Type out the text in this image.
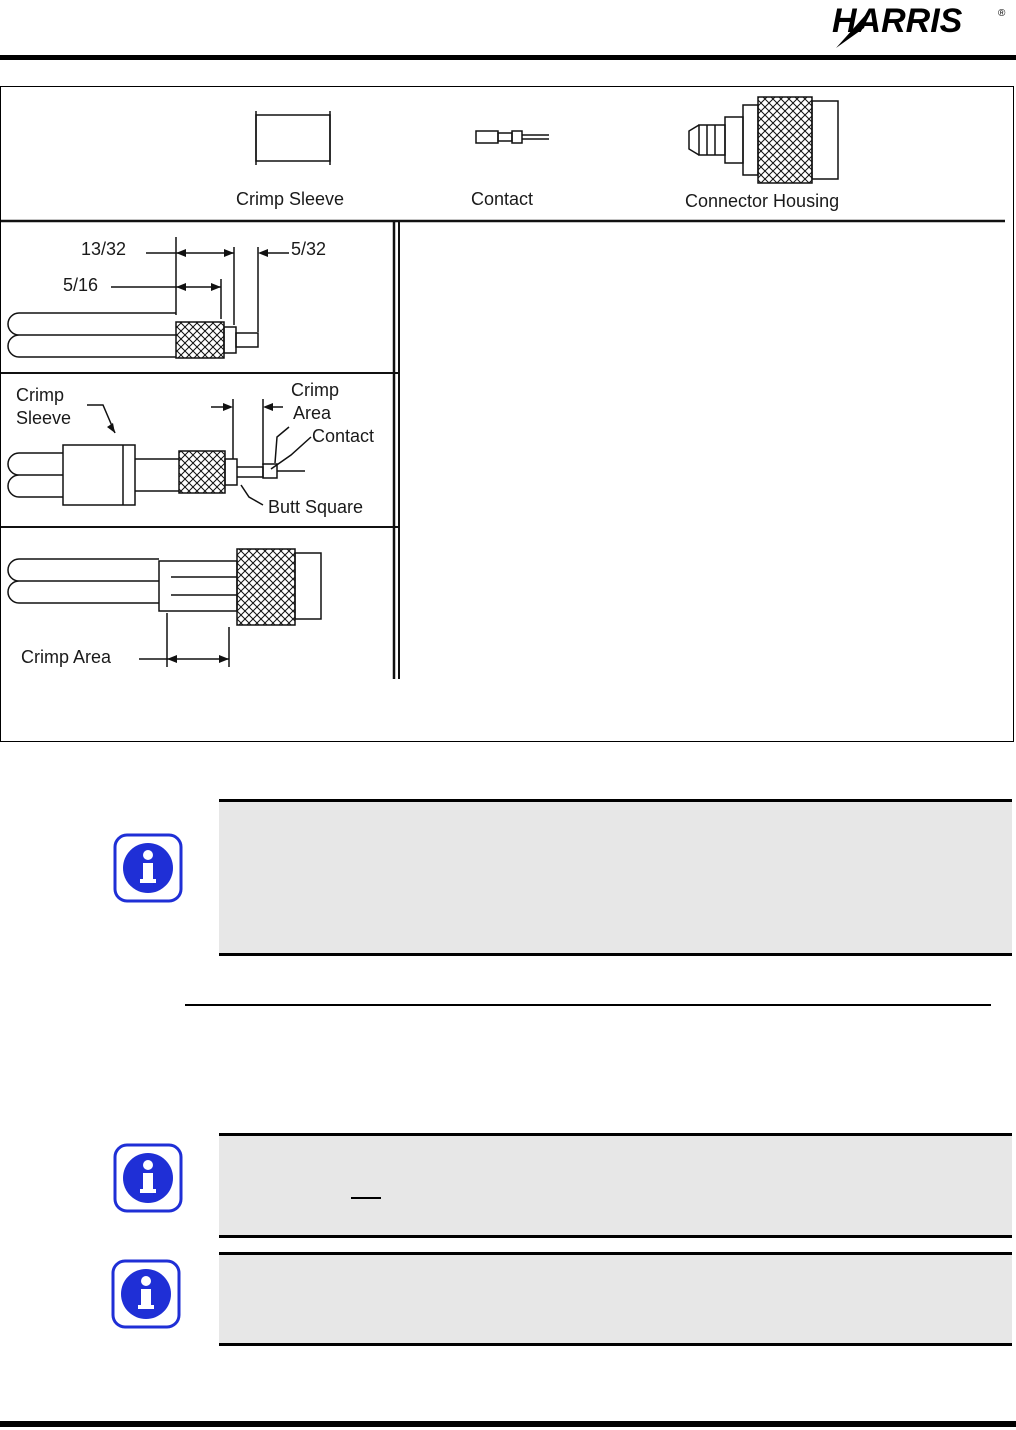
HARRIS	®
Crimp Sleeve	Contact	Connector Housing
13/32	5/32
5/16
Crimp
Sleeve
Crimp
Area
Contact
Butt Square
Crimp Area
